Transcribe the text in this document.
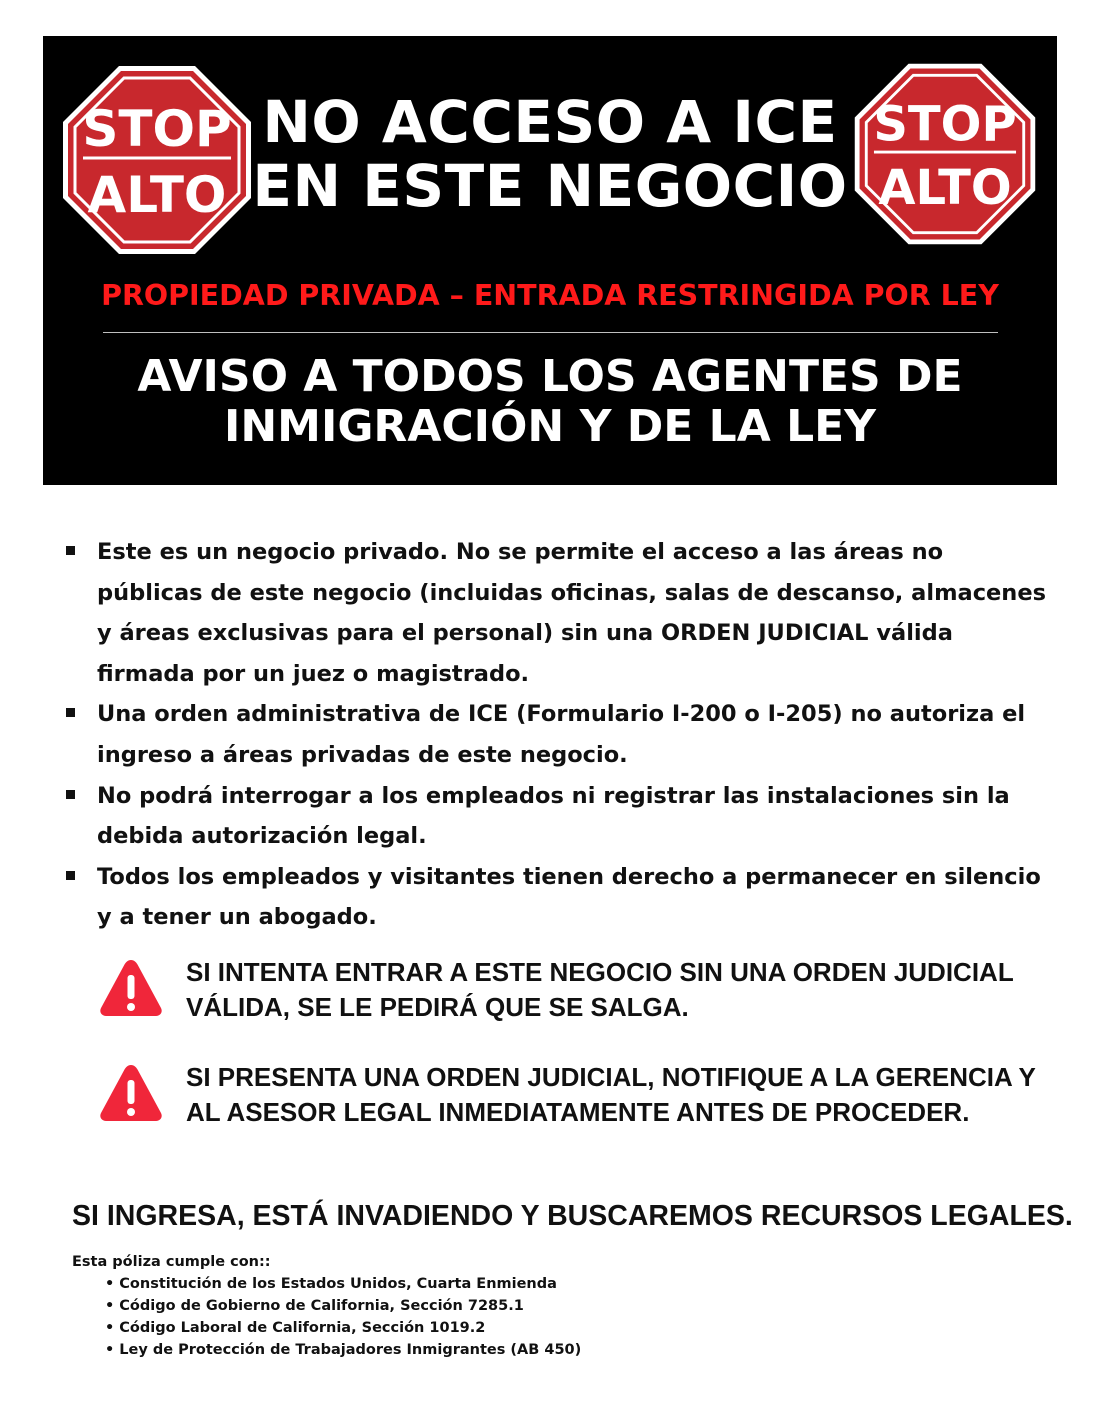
STOP
ALTO
NO ACCESO A ICE
EN ESTE NEGOCIO
STOP
ALTO
PROPIEDAD PRIVADA – ENTRADA RESTRINGIDA POR LEY
AVISO A TODOS LOS AGENTES DE
INMIGRACIÓN Y DE LA LEY
Este es un negocio privado. No se permite el acceso a las áreas no públicas de este negocio (incluidas oficinas, salas de descanso, almacenes y áreas exclusivas para el personal) sin una ORDEN JUDICIAL válida firmada por un juez o magistrado.
Una orden administrativa de ICE (Formulario I-200 o I-205) no autoriza el ingreso a áreas privadas de este negocio.
No podrá interrogar a los empleados ni registrar las instalaciones sin la debida autorización legal.
Todos los empleados y visitantes tienen derecho a permanecer en silencio y a tener un abogado.
SI INTENTA ENTRAR A ESTE NEGOCIO SIN UNA ORDEN JUDICIAL VÁLIDA, SE LE PEDIRÁ QUE SE SALGA.
SI PRESENTA UNA ORDEN JUDICIAL, NOTIFIQUE A LA GERENCIA Y AL ASESOR LEGAL INMEDIATAMENTE ANTES DE PROCEDER.
SI INGRESA, ESTÁ INVADIENDO Y BUSCAREMOS RECURSOS LEGALES.
Esta póliza cumple con::
• Constitución de los Estados Unidos, Cuarta Enmienda
• Código de Gobierno de California, Sección 7285.1
• Código Laboral de California, Sección 1019.2
• Ley de Protección de Trabajadores Inmigrantes (AB 450)
